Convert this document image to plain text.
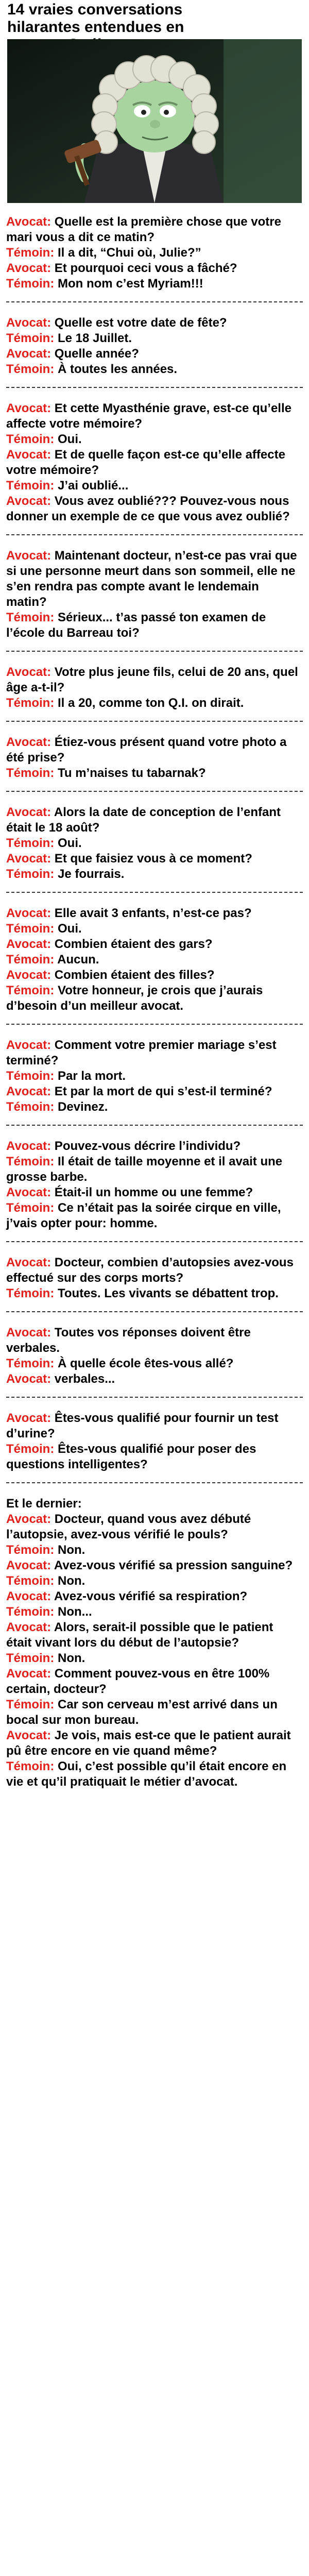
14 vraies conversations hilarantes entendues en

Avocat: Quelle est la première chose que votre mari vous a dit ce matin?

Témoin: Il a dit, “Chui où, Julie?”

Avocat: Et pourquoi ceci vous a fâché?

Témoin: Mon nom c’est Myriam!!!

Avocat: Quelle est votre date de fête?

Témoin: Le 18 Juillet.

Avocat: Quelle année?

Témoin: À toutes les années.

Avocat: Et cette Myasthénie grave, est-ce qu’elle affecte votre mémoire?

Témoin: Oui.

Avocat: Et de quelle façon est-ce qu’elle affecte votre mémoire?

Témoin: J’ai oublié...

Avocat: Vous avez oublié??? Pouvez-vous nous donner un exemple de ce que vous avez oublié?

Avocat: Maintenant docteur, n’est-ce pas vrai que si une personne meurt dans son sommeil, elle ne s’en rendra pas compte avant le lendemain matin?

Témoin: Sérieux... t’as passé ton examen de l’école du Barreau toi?

Avocat: Votre plus jeune fils, celui de 20 ans, quel âge a-t-il?

Témoin: Il a 20, comme ton Q.I. on dirait.

Avocat: Étiez-vous présent quand votre photo a été prise?

Témoin: Tu m’naises tu tabarnak?

Avocat: Alors la date de conception de l’enfant était le 18 août?

Témoin: Oui.

Avocat: Et que faisiez vous à ce moment?

Témoin: Je fourrais.

Avocat: Elle avait 3 enfants, n’est-ce pas?

Témoin: Oui.

Avocat: Combien étaient des gars?

Témoin: Aucun.

Avocat: Combien étaient des filles?

Témoin: Votre honneur, je crois que j’aurais d’besoin d’un meilleur avocat.

Avocat: Comment votre premier mariage s’est terminé?

Témoin: Par la mort.

Avocat: Et par la mort de qui s’est-il terminé?

Témoin: Devinez.

Avocat: Pouvez-vous décrire l’individu?

Témoin: Il était de taille moyenne et il avait une grosse barbe.

Avocat: Était-il un homme ou une femme?

Témoin: Ce n’était pas la soirée cirque en ville, j’vais opter pour: homme.

Avocat: Docteur, combien d’autopsies avez-vous effectué sur des corps morts?

Témoin: Toutes. Les vivants se débattent trop.

Avocat: Toutes vos réponses doivent être verbales.

Témoin: À quelle école êtes-vous allé?

Avocat: verbales...

Avocat: Êtes-vous qualifié pour fournir un test d’urine?

Témoin: Êtes-vous qualifié pour poser des questions intelligentes?

Et le dernier:

Avocat: Docteur, quand vous avez débuté l’autopsie, avez-vous vérifié le pouls?

Témoin: Non.

Avocat: Avez-vous vérifié sa pression sanguine?

Témoin: Non.

Avocat: Avez-vous vérifié sa respiration?

Témoin: Non...

Avocat: Alors, serait-il possible que le patient était vivant lors du début de l’autopsie?

Témoin: Non.

Avocat: Comment pouvez-vous en être 100% certain, docteur?

Témoin: Car son cerveau m’est arrivé dans un bocal sur mon bureau.

Avocat: Je vois, mais est-ce que le patient aurait pû être encore en vie quand même?

Témoin: Oui, c’est possible qu’il était encore en vie et qu’il pratiquait le métier d’avocat.
